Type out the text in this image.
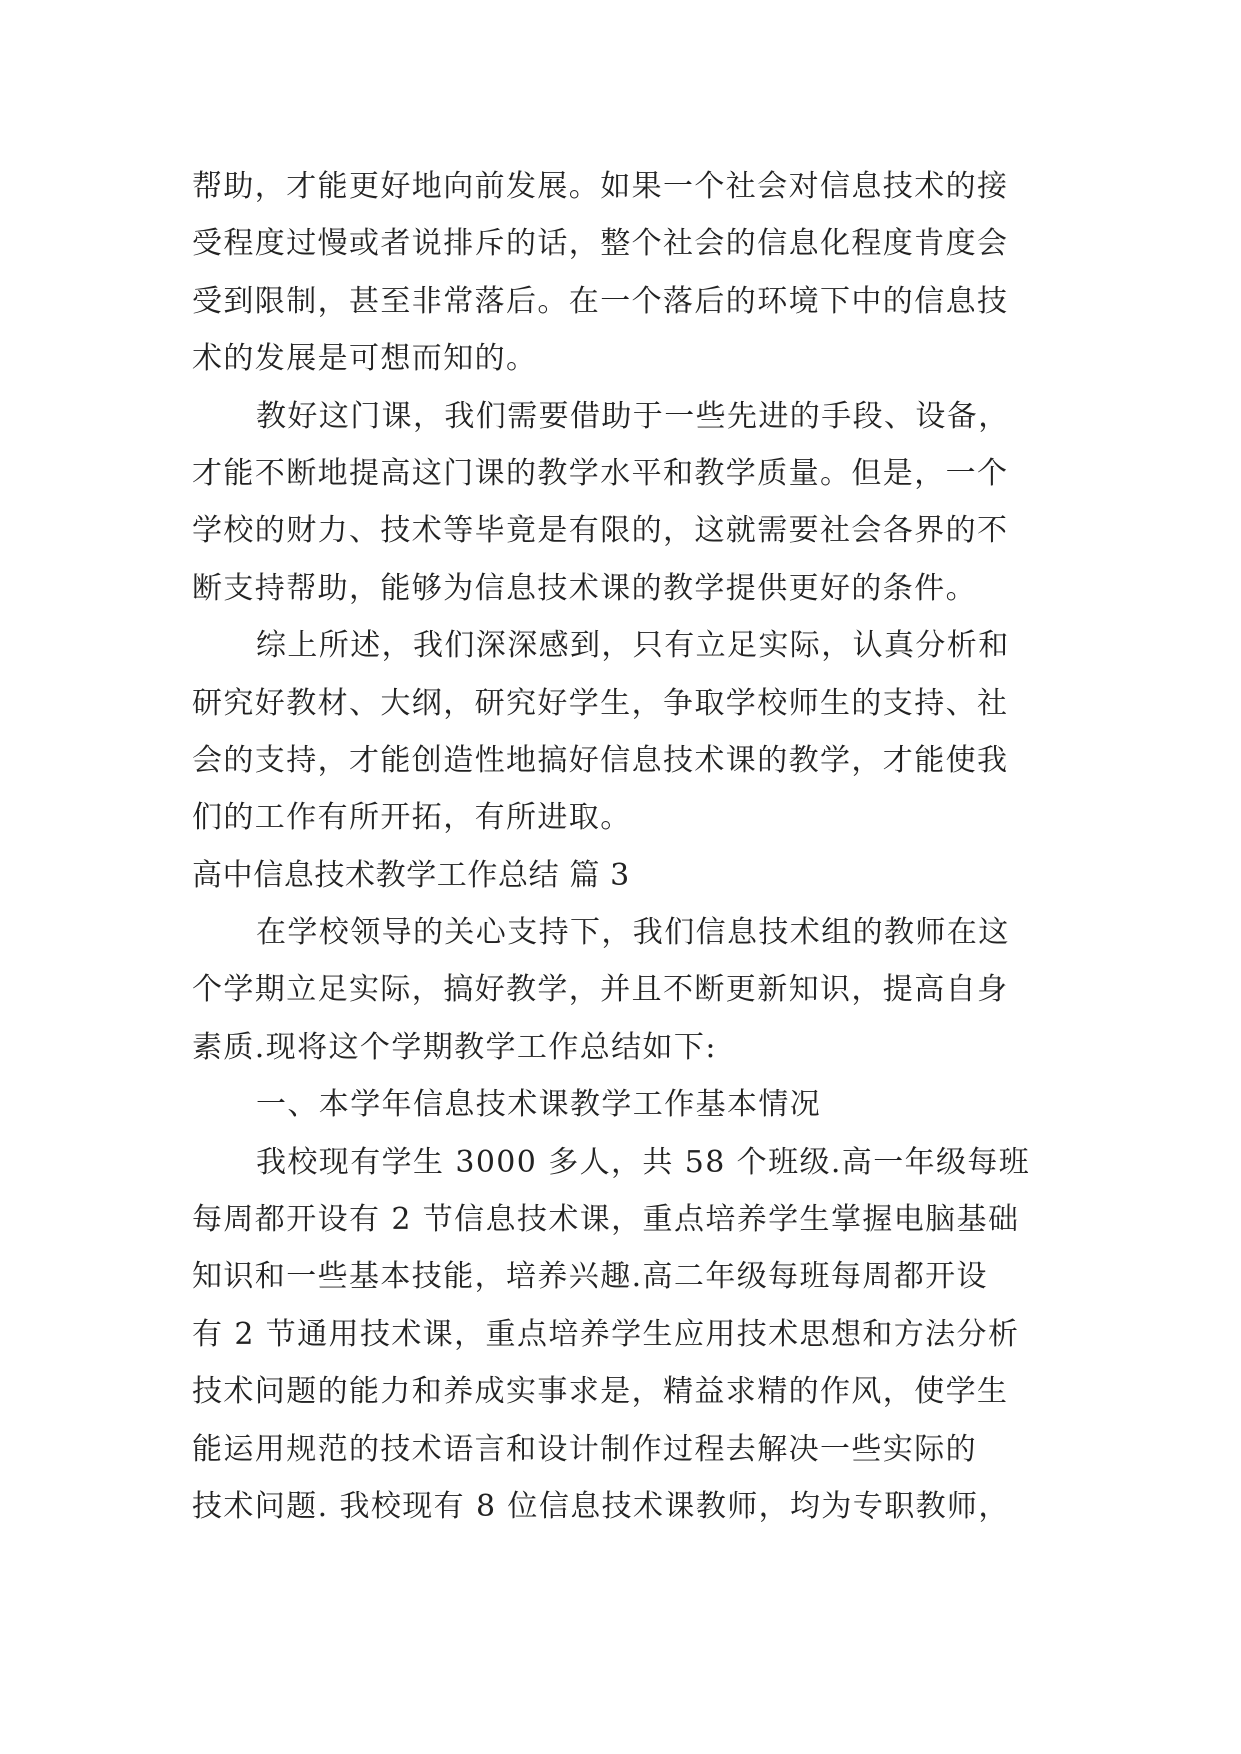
帮助，才能更好地向前发展。如果一个社会对信息技术的接
受程度过慢或者说排斥的话，整个社会的信息化程度肯度会
受到限制，甚至非常落后。在一个落后的环境下中的信息技
术的发展是可想而知的。
教好这门课，我们需要借助于一些先进的手段、设备，
才能不断地提高这门课的教学水平和教学质量。但是，一个
学校的财力、技术等毕竟是有限的，这就需要社会各界的不
断支持帮助，能够为信息技术课的教学提供更好的条件。
综上所述，我们深深感到，只有立足实际，认真分析和
研究好教材、大纲，研究好学生，争取学校师生的支持、社
会的支持，才能创造性地搞好信息技术课的教学，才能使我
们的工作有所开拓，有所进取。
高中信息技术教学工作总结 篇 3
在学校领导的关心支持下，我们信息技术组的教师在这
个学期立足实际，搞好教学，并且不断更新知识，提高自身
素质.现将这个学期教学工作总结如下:
一、本学年信息技术课教学工作基本情况
我校现有学生 3000 多人，共 58 个班级.高一年级每班
每周都开设有 2 节信息技术课，重点培养学生掌握电脑基础
知识和一些基本技能，培养兴趣.高二年级每班每周都开设
有 2 节通用技术课，重点培养学生应用技术思想和方法分析
技术问题的能力和养成实事求是，精益求精的作风，使学生
能运用规范的技术语言和设计制作过程去解决一些实际的
技术问题. 我校现有 8 位信息技术课教师，均为专职教师，
